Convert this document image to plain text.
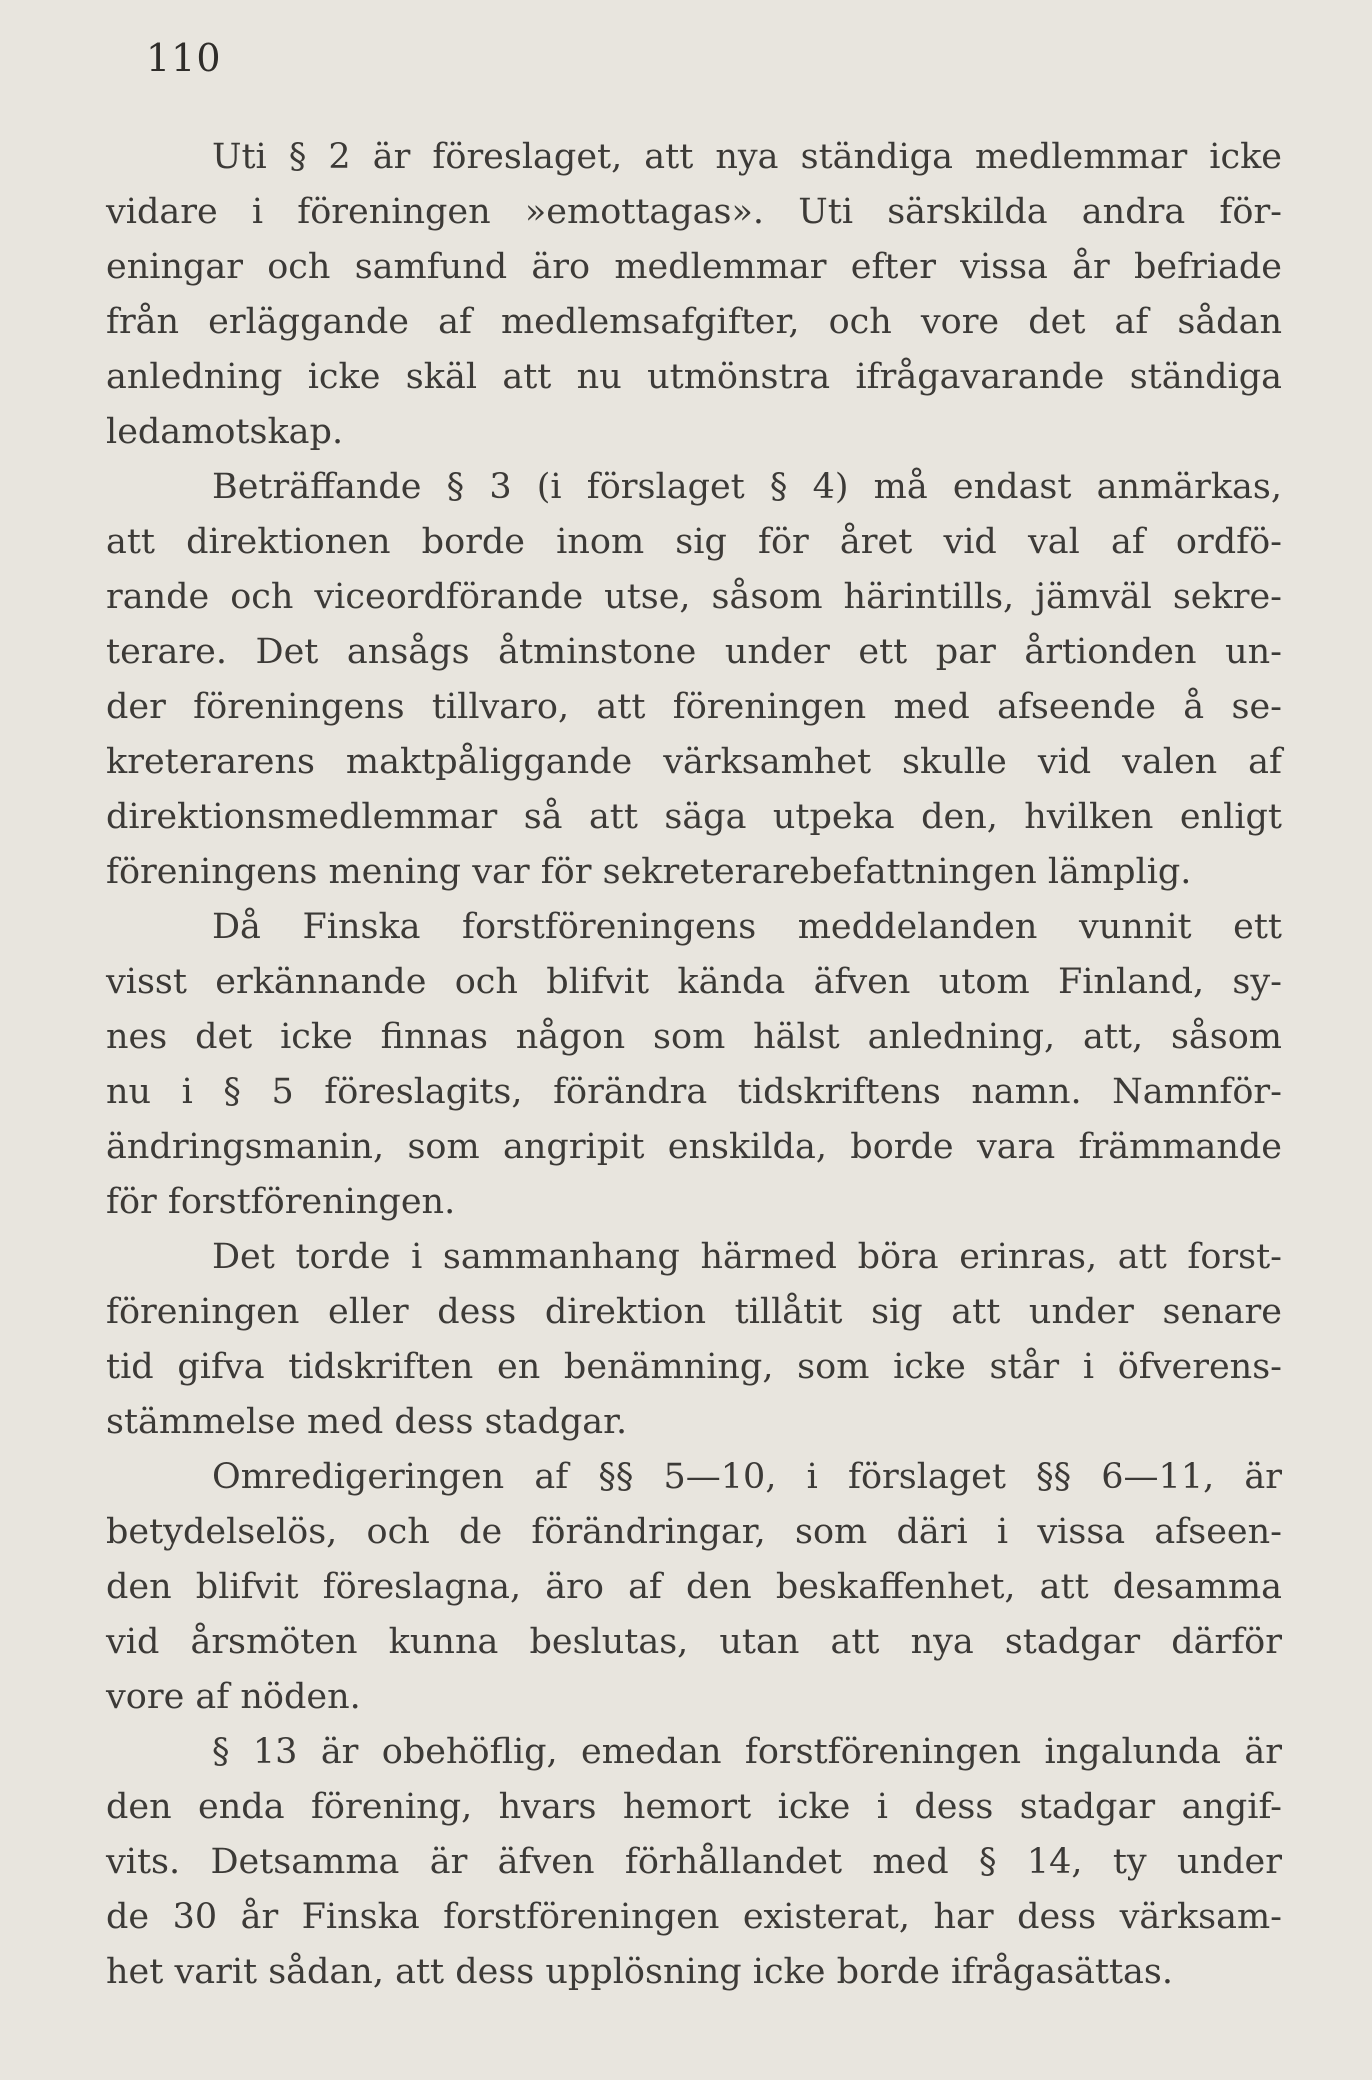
110
Uti § 2 är föreslaget, att nya ständiga medlemmar icke
vidare i föreningen »emottagas». Uti särskilda andra för-
eningar och samfund äro medlemmar efter vissa år befriade
från erläggande af medlemsafgifter, och vore det af sådan
anledning icke skäl att nu utmönstra ifrågavarande ständiga
ledamotskap.
Beträffande § 3 (i förslaget § 4) må endast anmärkas,
att direktionen borde inom sig för året vid val af ordfö-
rande och viceordförande utse, såsom härintills, jämväl sekre-
terare. Det ansågs åtminstone under ett par årtionden un-
der föreningens tillvaro, att föreningen med afseende å se-
kreterarens maktpåliggande värksamhet skulle vid valen af
direktionsmedlemmar så att säga utpeka den, hvilken enligt
föreningens mening var för sekreterarebefattningen lämplig.
Då Finska forstföreningens meddelanden vunnit ett
visst erkännande och blifvit kända äfven utom Finland, sy-
nes det icke finnas någon som hälst anledning, att, såsom
nu i § 5 föreslagits, förändra tidskriftens namn. Namnför-
ändringsmanin, som angripit enskilda, borde vara främmande
för forstföreningen.
Det torde i sammanhang härmed böra erinras, att forst-
föreningen eller dess direktion tillåtit sig att under senare
tid gifva tidskriften en benämning, som icke står i öfverens-
stämmelse med dess stadgar.
Omredigeringen af §§ 5—10, i förslaget §§ 6—11, är
betydelselös, och de förändringar, som däri i vissa afseen-
den blifvit föreslagna, äro af den beskaffenhet, att desamma
vid årsmöten kunna beslutas, utan att nya stadgar därför
vore af nöden.
§ 13 är obehöflig, emedan forstföreningen ingalunda är
den enda förening, hvars hemort icke i dess stadgar angif-
vits. Detsamma är äfven förhållandet med § 14, ty under
de 30 år Finska forstföreningen existerat, har dess värksam-
het varit sådan, att dess upplösning icke borde ifrågasättas.
